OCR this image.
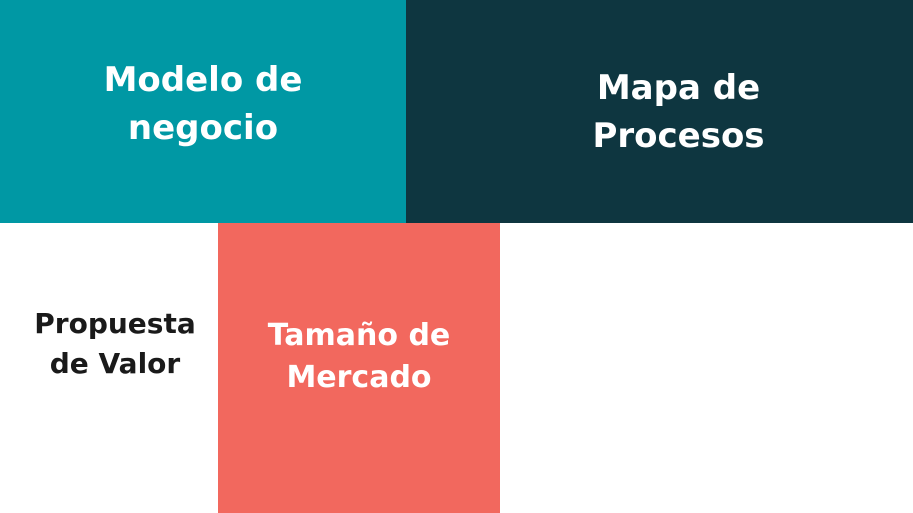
Modelo de
negocio
Mapa de
Procesos
Tamaño de
Mercado
Propuesta
de Valor
